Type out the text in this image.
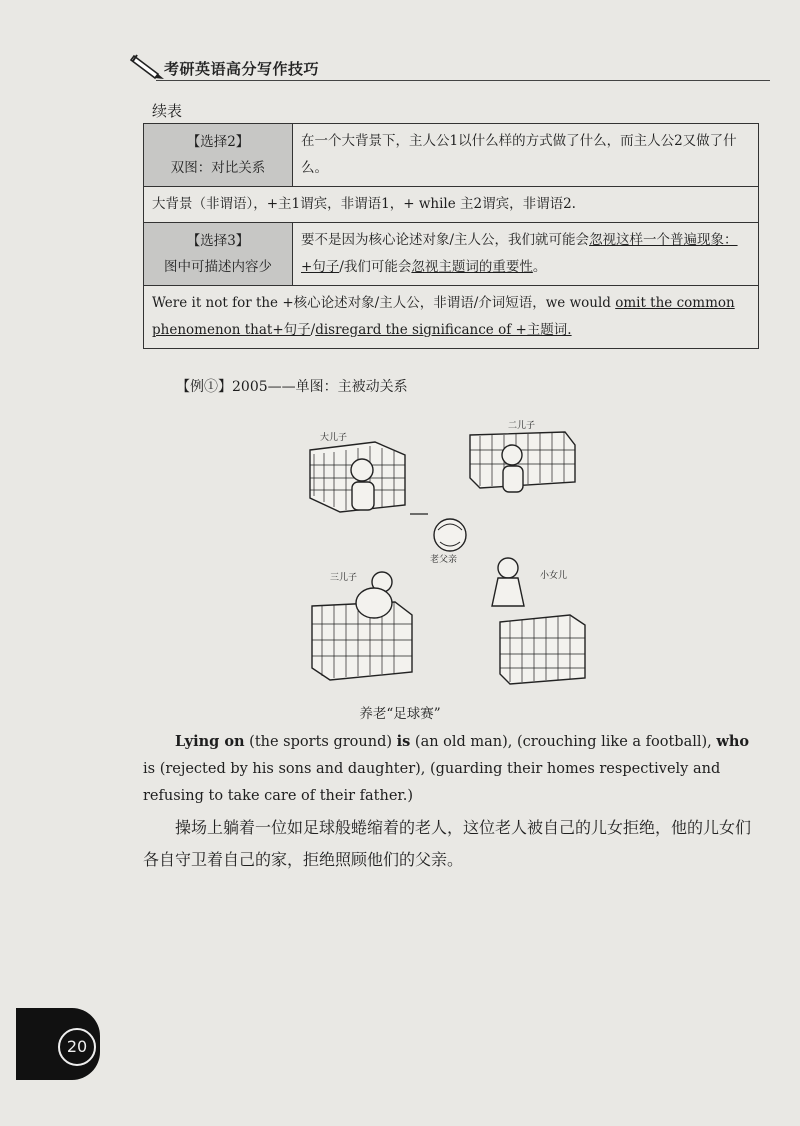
考研英语高分写作技巧
续表
【选择2】
双图：对比关系	在一个大背景下，主人公1以什么样的方式做了什么，而主人公2又做了什么。
大背景（非谓语），+主1谓宾，非谓语1，+ while 主2谓宾，非谓语2.	

【选择3】
图中可描述内容少	要不是因为核心论述对象/主人公，我们就可能会忽视这样一个普遍现象：+句子/我们可能会忽视主题词的重要性。
Were it not for the +核心论述对象/主人公，非谓语/介词短语，we would omit the common phenomenon that+句子/disregard the significance of +主题词.	
【例①】2005——单图：主被动关系
大儿子
二儿子
三儿子	小女儿
老父亲
养老“足球赛”
Lying on (the sports ground) is (an old man), (crouching like a football), who is (rejected by his sons and daughter), (guarding their homes respectively and refusing to take care of their father.)
操场上躺着一位如足球般蜷缩着的老人，这位老人被自己的儿女拒绝，他的儿女们各自守卫着自己的家，拒绝照顾他们的父亲。
20
